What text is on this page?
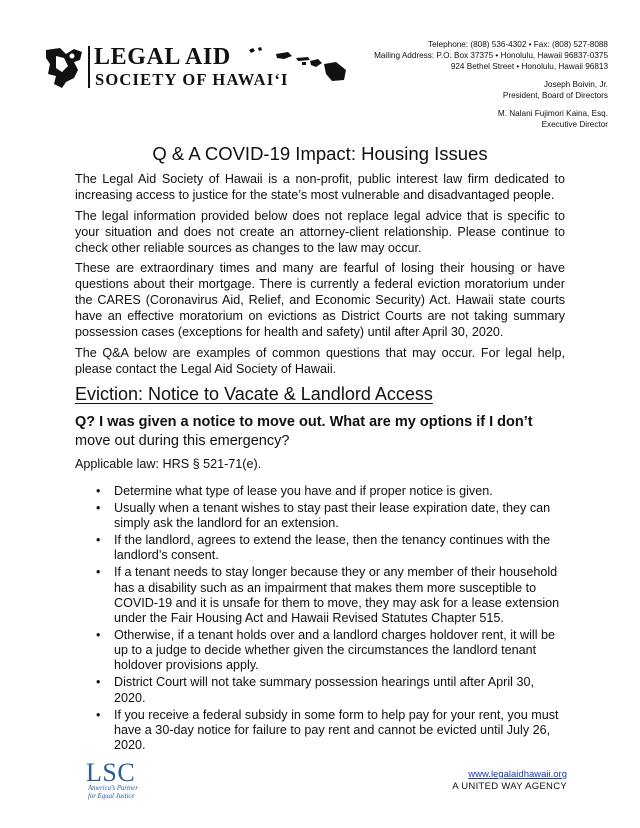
LEGAL AID
SOCIETY OF HAWAI‘I
Telephone: (808) 536-4302 • Fax: (808) 527-8088
Mailing Address: P.O. Box 37375 • Honolulu, Hawaii 96837-0375
924 Bethel Street • Honolulu, Hawaii 96813
Joseph Boivin, Jr.
President, Board of Directors
M. Nalani Fujimori Kaina, Esq.
Executive Director
Q & A COVID-19 Impact: Housing Issues
The Legal Aid Society of Hawaii is a non-profit, public interest law firm dedicated to increasing access to justice for the state’s most vulnerable and disadvantaged people.
The legal information provided below does not replace legal advice that is specific to your situation and does not create an attorney-client relationship. Please continue to check other reliable sources as changes to the law may occur.
These are extraordinary times and many are fearful of losing their housing or have questions about their mortgage. There is currently a federal eviction moratorium under the CARES (Coronavirus Aid, Relief, and Economic Security) Act. Hawaii state courts have an effective moratorium on evictions as District Courts are not taking summary possession cases (exceptions for health and safety) until after April 30, 2020.
The Q&A below are examples of common questions that may occur. For legal help, please contact the Legal Aid Society of Hawaii.
Eviction: Notice to Vacate & Landlord Access
Q? I was given a notice to move out. What are my options if I don’t move out during this emergency?
Applicable law: HRS § 521-71(e).
• Determine what type of lease you have and if proper notice is given.
• Usually when a tenant wishes to stay past their lease expiration date, they can simply ask the landlord for an extension.
• If the landlord, agrees to extend the lease, then the tenancy continues with the landlord’s consent.
• If a tenant needs to stay longer because they or any member of their household has a disability such as an impairment that makes them more susceptible to COVID-19 and it is unsafe for them to move, they may ask for a lease extension under the Fair Housing Act and Hawaii Revised Statutes Chapter 515.
• Otherwise, if a tenant holds over and a landlord charges holdover rent, it will be up to a judge to decide whether given the circumstances the landlord tenant holdover provisions apply.
• District Court will not take summary possession hearings until after April 30, 2020.
• If you receive a federal subsidy in some form to help pay for your rent, you must have a 30-day notice for failure to pay rent and cannot be evicted until July 26, 2020.
LSC
America's Partner
for Equal Justice
www.legalaidhawaii.org
A UNITED WAY AGENCY
